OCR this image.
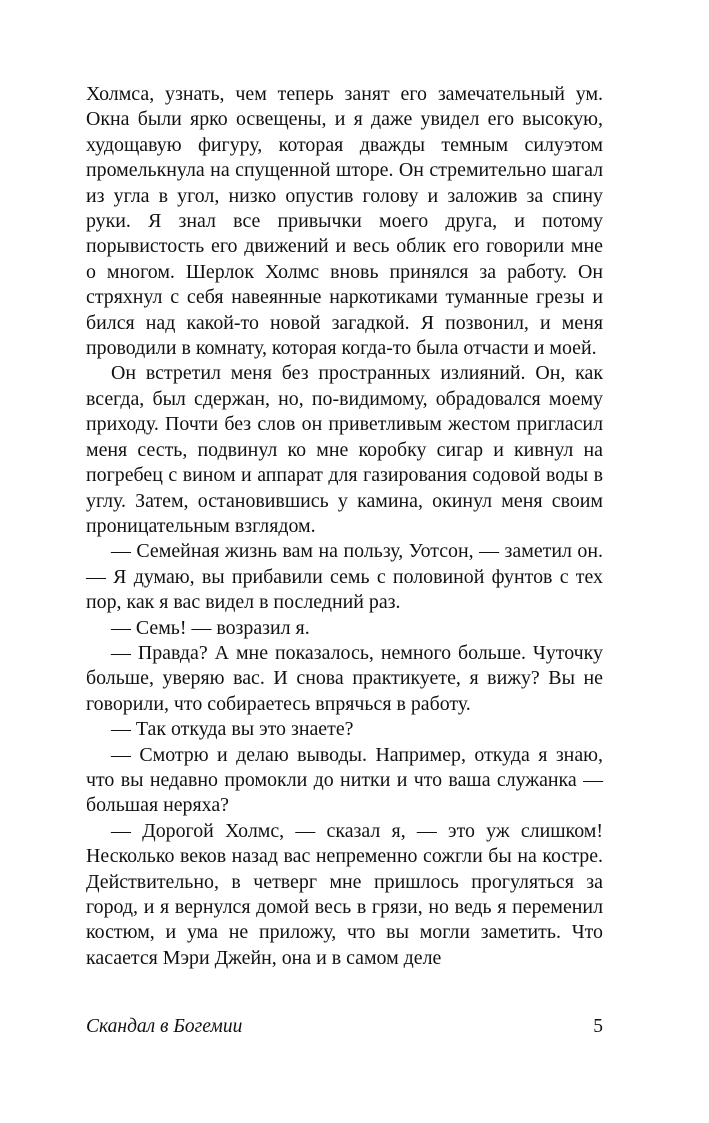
Холмса, узнать, чем теперь занят его замечательный ум. Окна были ярко освещены, и я даже увидел его высокую, худощавую фигуру, которая дважды темным силуэтом промелькнула на спущенной шторе. Он стремительно шагал из угла в угол, низко опустив голову и заложив за спину руки. Я знал все привычки моего друга, и потому порывистость его движений и весь облик его говорили мне о многом. Шерлок Холмс вновь принялся за работу. Он стряхнул с себя навеянные наркотиками туманные грезы и бился над какой-то новой загадкой. Я позвонил, и меня проводили в комнату, которая когда-то была отчасти и моей.

Он встретил меня без пространных излияний. Он, как всегда, был сдержан, но, по-видимому, обрадовался моему приходу. Почти без слов он приветливым жестом пригласил меня сесть, подвинул ко мне коробку сигар и кивнул на погребец с вином и аппарат для газирования содовой воды в углу. Затем, остановившись у камина, окинул меня своим проницательным взглядом.

— Семейная жизнь вам на пользу, Уотсон, — заметил он. — Я думаю, вы прибавили семь с половиной фунтов с тех пор, как я вас видел в последний раз.

— Семь! — возразил я.

— Правда? А мне показалось, немного больше. Чуточку больше, уверяю вас. И снова практикуете, я вижу? Вы не говорили, что собираетесь впрячься в работу.

— Так откуда вы это знаете?

— Смотрю и делаю выводы. Например, откуда я знаю, что вы недавно промокли до нитки и что ваша служанка — большая неряха?

— Дорогой Холмс, — сказал я, — это уж слишком! Несколько веков назад вас непременно сожгли бы на костре. Действительно, в четверг мне пришлось прогуляться за город, и я вернулся домой весь в грязи, но ведь я переменил костюм, и ума не приложу, что вы могли заметить. Что касается Мэри Джейн, она и в самом деле

Скандал в Богемии	5
